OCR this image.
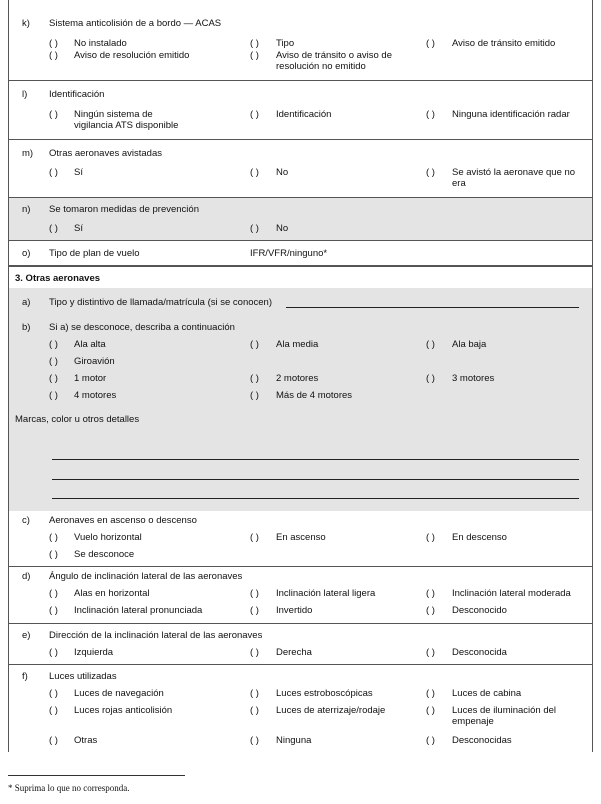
k) Sistema anticolisión de a bordo — ACAS
( ) No instalado	( ) Tipo	( ) Aviso de tránsito emitido
( ) Aviso de resolución emitido	( ) Aviso de tránsito o aviso de resolución no emitido
l) Identificación
( ) Ningún sistema de vigilancia ATS disponible
( ) Identificación	( ) Ninguna identificación radar
m) Otras aeronaves avistadas
( ) Sí	( ) No	( ) Se avistó la aeronave que no era
n) Se tomaron medidas de prevención
( ) Sí	( ) No
o) Tipo de plan de vuelo	IFR/VFR/ninguno*
3. Otras aeronaves
a) Tipo y distintivo de llamada/matrícula (si se conocen)
b) Si a) se desconoce, describa a continuación
( ) Ala alta	( ) Ala media	( ) Ala baja
( ) Giroavión
( ) 1 motor	( ) 2 motores	( ) 3 motores
( ) 4 motores	( ) Más de 4 motores
Marcas, color u otros detalles
c) Aeronaves en ascenso o descenso
( ) Vuelo horizontal	( ) En ascenso	( ) En descenso
( ) Se desconoce
d) Ángulo de inclinación lateral de las aeronaves
( ) Alas en horizontal	( ) Inclinación lateral ligera	( ) Inclinación lateral moderada
( ) Inclinación lateral pronunciada	( ) Invertido	( ) Desconocido
e) Dirección de la inclinación lateral de las aeronaves
( ) Izquierda	( ) Derecha	( ) Desconocida
f) Luces utilizadas
( ) Luces de navegación	( ) Luces estroboscópicas	( ) Luces de cabina
( ) Luces rojas anticolisión	( ) Luces de aterrizaje/rodaje	( ) Luces de iluminación del empenaje
( ) Otras	( ) Ninguna	( ) Desconocidas
* Suprima lo que no corresponda.
